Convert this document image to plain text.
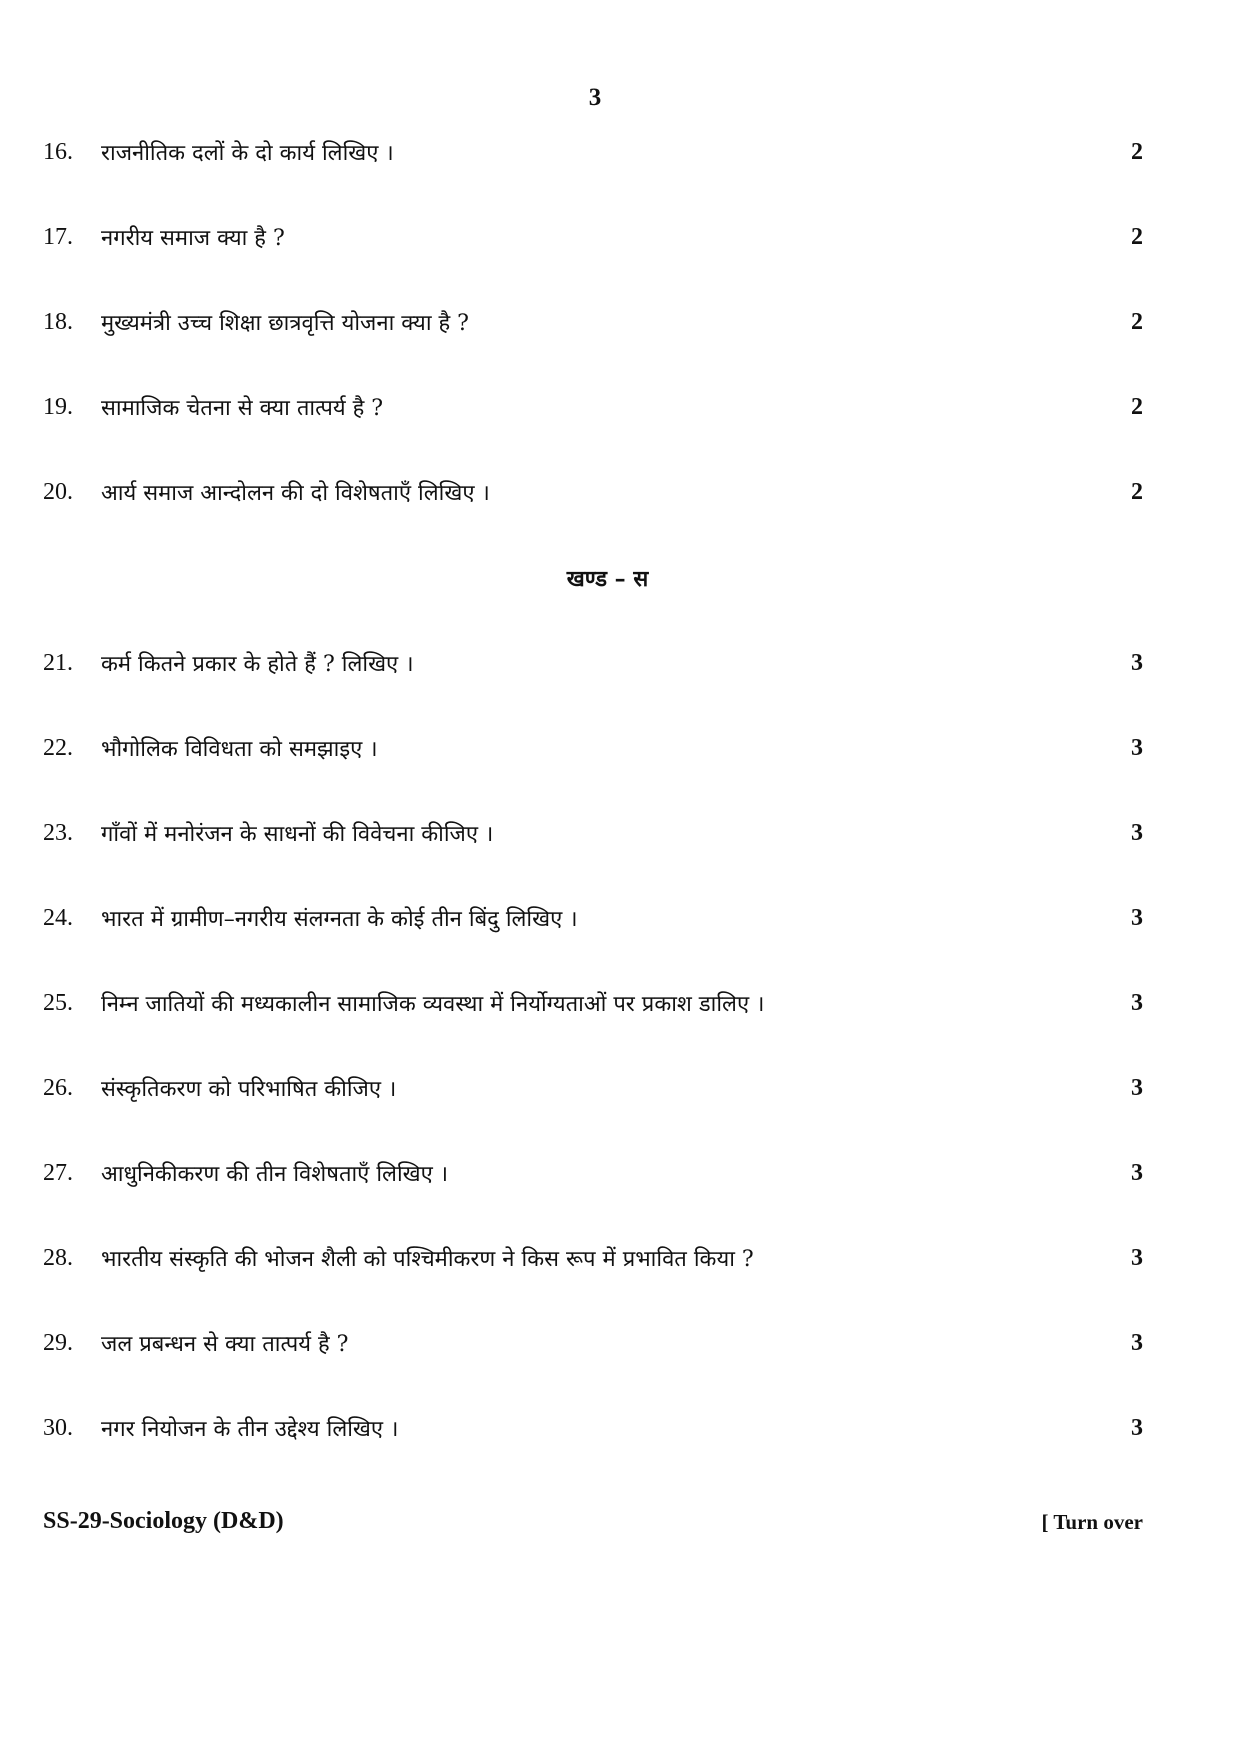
3
16.	राजनीतिक दलों के दो कार्य लिखिए ।	2
17.	नगरीय समाज क्या है ?	2
18.	मुख्यमंत्री उच्च शिक्षा छात्रवृत्ति योजना क्या है ?	2
19.	सामाजिक चेतना से क्या तात्पर्य है ?	2
20.	आर्य समाज आन्दोलन की दो विशेषताएँ लिखिए ।	2
खण्ड – स
21.	कर्म कितने प्रकार के होते हैं ? लिखिए ।	3
22.	भौगोलिक विविधता को समझाइए ।	3
23.	गाँवों में मनोरंजन के साधनों की विवेचना कीजिए ।	3
24.	भारत में ग्रामीण–नगरीय संलग्नता के कोई तीन बिंदु लिखिए ।	3
25.	निम्न जातियों की मध्यकालीन सामाजिक व्यवस्था में निर्योग्यताओं पर प्रकाश डालिए ।	3
26.	संस्कृतिकरण को परिभाषित कीजिए ।	3
27.	आधुनिकीकरण की तीन विशेषताएँ लिखिए ।	3
28.	भारतीय संस्कृति की भोजन शैली को पश्चिमीकरण ने किस रूप में प्रभावित किया ?	3
29.	जल प्रबन्धन से क्या तात्पर्य है ?	3
30.	नगर नियोजन के तीन उद्देश्य लिखिए ।	3
SS-29-Sociology (D&D)	[ Turn over
